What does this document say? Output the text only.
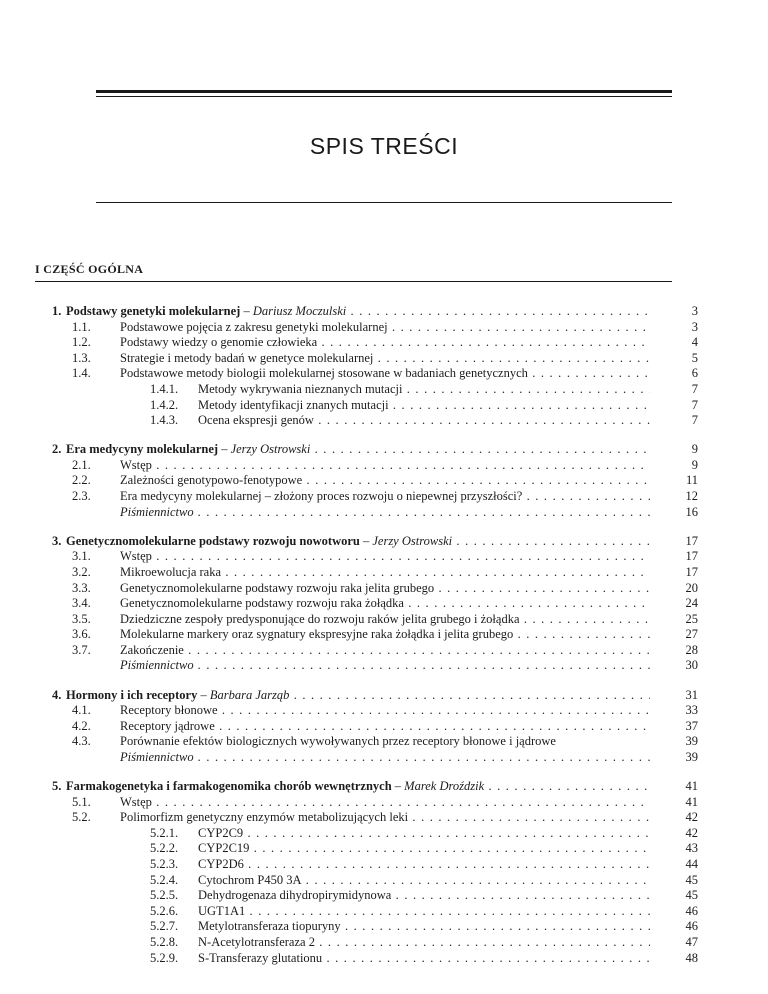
SPIS TREŚCI
I CZĘŚĆ OGÓLNA
1. Podstawy genetyki molekularnej – Dariusz Moczulski . . .	3
1.1. Podstawowe pojęcia z zakresu genetyki molekularnej . . .	3
1.2. Podstawy wiedzy o genomie człowieka . . .	4
1.3. Strategie i metody badań w genetyce molekularnej . . .	5
1.4. Podstawowe metody biologii molekularnej stosowane w badaniach genetycznych . . .	6
1.4.1. Metody wykrywania nieznanych mutacji . . .	7
1.4.2. Metody identyfikacji znanych mutacji . . .	7
1.4.3. Ocena ekspresji genów . . .	7
2. Era medycyny molekularnej – Jerzy Ostrowski . . .	9
2.1. Wstęp . . .	9
2.2. Zależności genotypowo-fenotypowe . . .	11
2.3. Era medycyny molekularnej – złożony proces rozwoju o niepewnej przyszłości? . . .	12
Piśmiennictwo . . .	16
3. Genetycznomolekularne podstawy rozwoju nowotworu – Jerzy Ostrowski . . .	17
3.1. Wstęp . . .	17
3.2. Mikroewolucja raka . . .	17
3.3. Genetycznomolekularne podstawy rozwoju raka jelita grubego . . .	20
3.4. Genetycznomolekularne podstawy rozwoju raka żołądka . . .	24
3.5. Dziedziczne zespoły predysponujące do rozwoju raków jelita grubego i żołądka . . .	25
3.6. Molekularne markery oraz sygnatury ekspresyjne raka żołądka i jelita grubego . . .	27
3.7. Zakończenie . . .	28
Piśmiennictwo . . .	30
4. Hormony i ich receptory – Barbara Jarząb . . .	31
4.1. Receptory błonowe . . .	33
4.2. Receptory jądrowe . . .	37
4.3. Porównanie efektów biologicznych wywoływanych przez receptory błonowe i jądrowe	39
Piśmiennictwo . . .	39
5. Farmakogenetyka i farmakogenomika chorób wewnętrznych – Marek Droździk . . .	41
5.1. Wstęp . . .	41
5.2. Polimorfizm genetyczny enzymów metabolizujących leki . . .	42
5.2.1. CYP2C9 . . .	42
5.2.2. CYP2C19 . . .	43
5.2.3. CYP2D6 . . .	44
5.2.4. Cytochrom P450 3A . . .	45
5.2.5. Dehydrogenaza dihydropirymidynowa . . .	45
5.2.6. UGT1A1 . . .	46
5.2.7. Metylotransferaza tiopuryny . . .	46
5.2.8. N-Acetylotransferaza 2 . . .	47
5.2.9. S-Transferazy glutationu . . .	48
